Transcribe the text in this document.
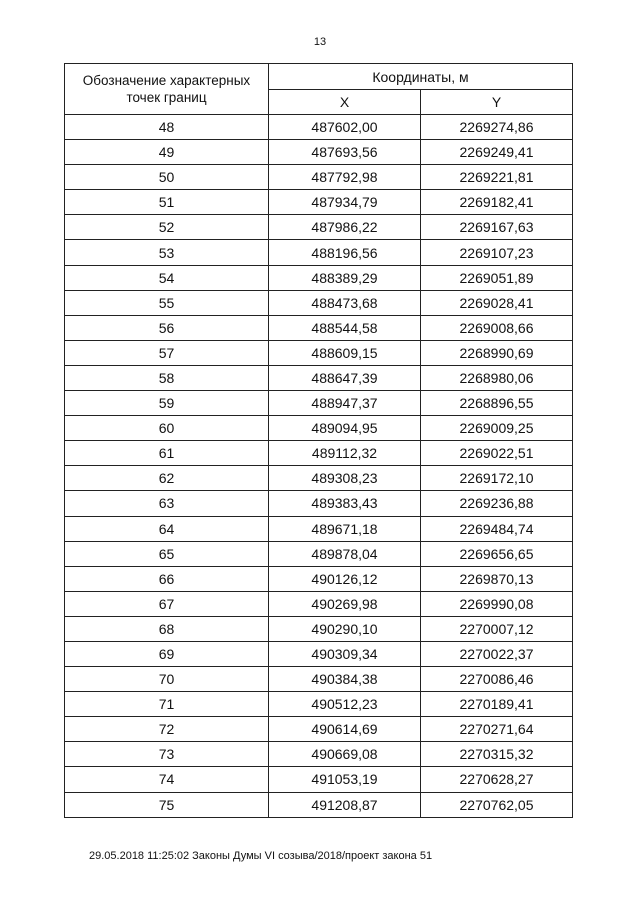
13
Обозначение характерных точек границ	Координаты, м	
	X	Y
48	487602,00	2269274,86
49	487693,56	2269249,41
50	487792,98	2269221,81
51	487934,79	2269182,41
52	487986,22	2269167,63
53	488196,56	2269107,23
54	488389,29	2269051,89
55	488473,68	2269028,41
56	488544,58	2269008,66
57	488609,15	2268990,69
58	488647,39	2268980,06
59	488947,37	2268896,55
60	489094,95	2269009,25
61	489112,32	2269022,51
62	489308,23	2269172,10
63	489383,43	2269236,88
64	489671,18	2269484,74
65	489878,04	2269656,65
66	490126,12	2269870,13
67	490269,98	2269990,08
68	490290,10	2270007,12
69	490309,34	2270022,37
70	490384,38	2270086,46
71	490512,23	2270189,41
72	490614,69	2270271,64
73	490669,08	2270315,32
74	491053,19	2270628,27
75	491208,87	2270762,05
29.05.2018 11:25:02 Законы Думы VI созыва/2018/проект закона 51
